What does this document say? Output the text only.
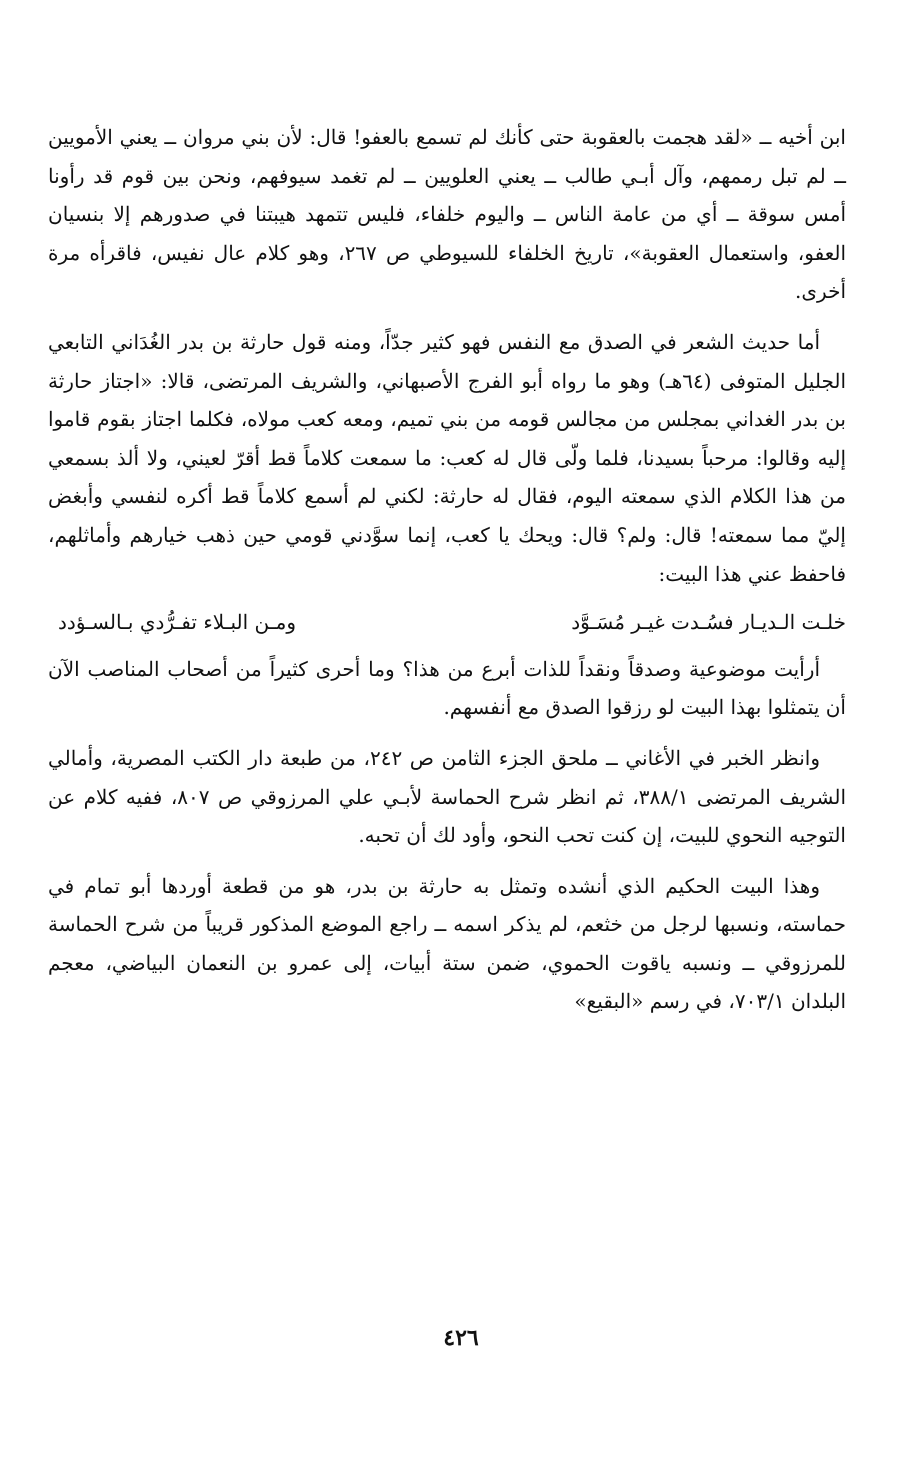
ابن أخيه ــ «لقد هجمت بالعقوبة حتى كأنك لم تسمع بالعفو! قال: لأن بني مروان ــ يعني الأمويين ــ لم تبل رممهم، وآل أبـي طالب ــ يعني العلويين ــ لم تغمد سيوفهم، ونحن بين قوم قد رأونا أمس سوقة ــ أي من عامة الناس ــ واليوم خلفاء، فليس تتمهد هيبتنا في صدورهم إلا بنسيان العفو، واستعمال العقوبة»، تاريخ الخلفاء للسيوطي ص ٢٦٧، وهو كلام عال نفيس، فاقرأه مرة أخرى.

أما حديث الشعر في الصدق مع النفس فهو كثير جدّاً، ومنه قول حارثة بن بدر الغُدَاني التابعي الجليل المتوفى (٦٤هـ) وهو ما رواه أبو الفرج الأصبهاني، والشريف المرتضى، قالا: «اجتاز حارثة بن بدر الغداني بمجلس من مجالس قومه من بني تميم، ومعه كعب مولاه، فكلما اجتاز بقوم قاموا إليه وقالوا: مرحباً بسيدنا، فلما ولّى قال له كعب: ما سمعت كلاماً قط أقرّ لعيني، ولا ألذ بسمعي من هذا الكلام الذي سمعته اليوم، فقال له حارثة: لكني لم أسمع كلاماً قط أكره لنفسي وأبغض إليّ مما سمعته! قال: ولم؟ قال: ويحك يا كعب، إنما سوَّدني قومي حين ذهب خيارهم وأماثلهم، فاحفظ عني هذا البيت:

خلـت الـديـار فسُـدت غيـر مُسَـوَّد
ومـن البـلاء تفـرُّدي بـالسـؤدد

أرأيت موضوعية وصدقاً ونقداً للذات أبرع من هذا؟ وما أحرى كثيراً من أصحاب المناصب الآن أن يتمثلوا بهذا البيت لو رزقوا الصدق مع أنفسهم.

وانظر الخبر في الأغاني ــ ملحق الجزء الثامن ص ٢٤٢، من طبعة دار الكتب المصرية، وأمالي الشريف المرتضى ٣٨٨/١، ثم انظر شرح الحماسة لأبـي علي المرزوقي ص ٨٠٧، ففيه كلام عن التوجيه النحوي للبيت، إن كنت تحب النحو، وأود لك أن تحبه.

وهذا البيت الحكيم الذي أنشده وتمثل به حارثة بن بدر، هو من قطعة أوردها أبو تمام في حماسته، ونسبها لرجل من خثعم، لم يذكر اسمه ــ راجع الموضع المذكور قريباً من شرح الحماسة للمرزوقي ــ ونسبه ياقوت الحموي، ضمن ستة أبيات، إلى عمرو بن النعمان البياضي، معجم البلدان ٧٠٣/١، في رسم «البقيع»

٤٢٦
